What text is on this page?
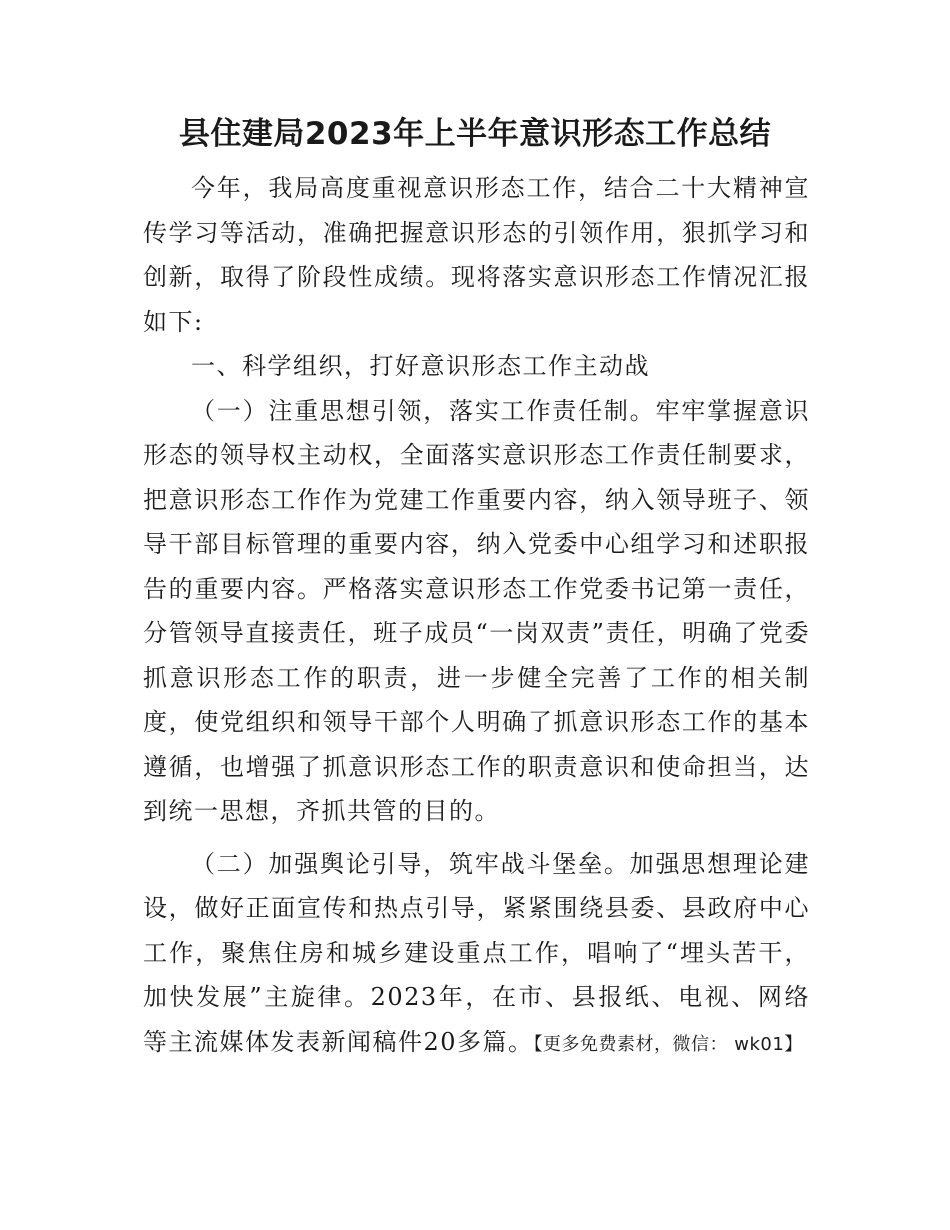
县住建局2023年上半年意识形态工作总结

今年，我局高度重视意识形态工作，结合二十大精神宣传学习等活动，准确把握意识形态的引领作用，狠抓学习和创新，取得了阶段性成绩。现将落实意识形态工作情况汇报如下:

一、科学组织，打好意识形态工作主动战

（一）注重思想引领，落实工作责任制。牢牢掌握意识形态的领导权主动权，全面落实意识形态工作责任制要求，把意识形态工作作为党建工作重要内容，纳入领导班子、领导干部目标管理的重要内容，纳入党委中心组学习和述职报告的重要内容。严格落实意识形态工作党委书记第一责任，分管领导直接责任，班子成员“一岗双责”责任，明确了党委抓意识形态工作的职责，进一步健全完善了工作的相关制度，使党组织和领导干部个人明确了抓意识形态工作的基本遵循，也增强了抓意识形态工作的职责意识和使命担当，达到统一思想，齐抓共管的目的。

（二）加强舆论引导，筑牢战斗堡垒。加强思想理论建设，做好正面宣传和热点引导，紧紧围绕县委、县政府中心工作，聚焦住房和城乡建设重点工作，唱响了“埋头苦干，加快发展”主旋律。2023年，在市、县报纸、电视、网络等主流媒体发表新闻稿件20多篇。【更多免费素材，微信： wk01】
